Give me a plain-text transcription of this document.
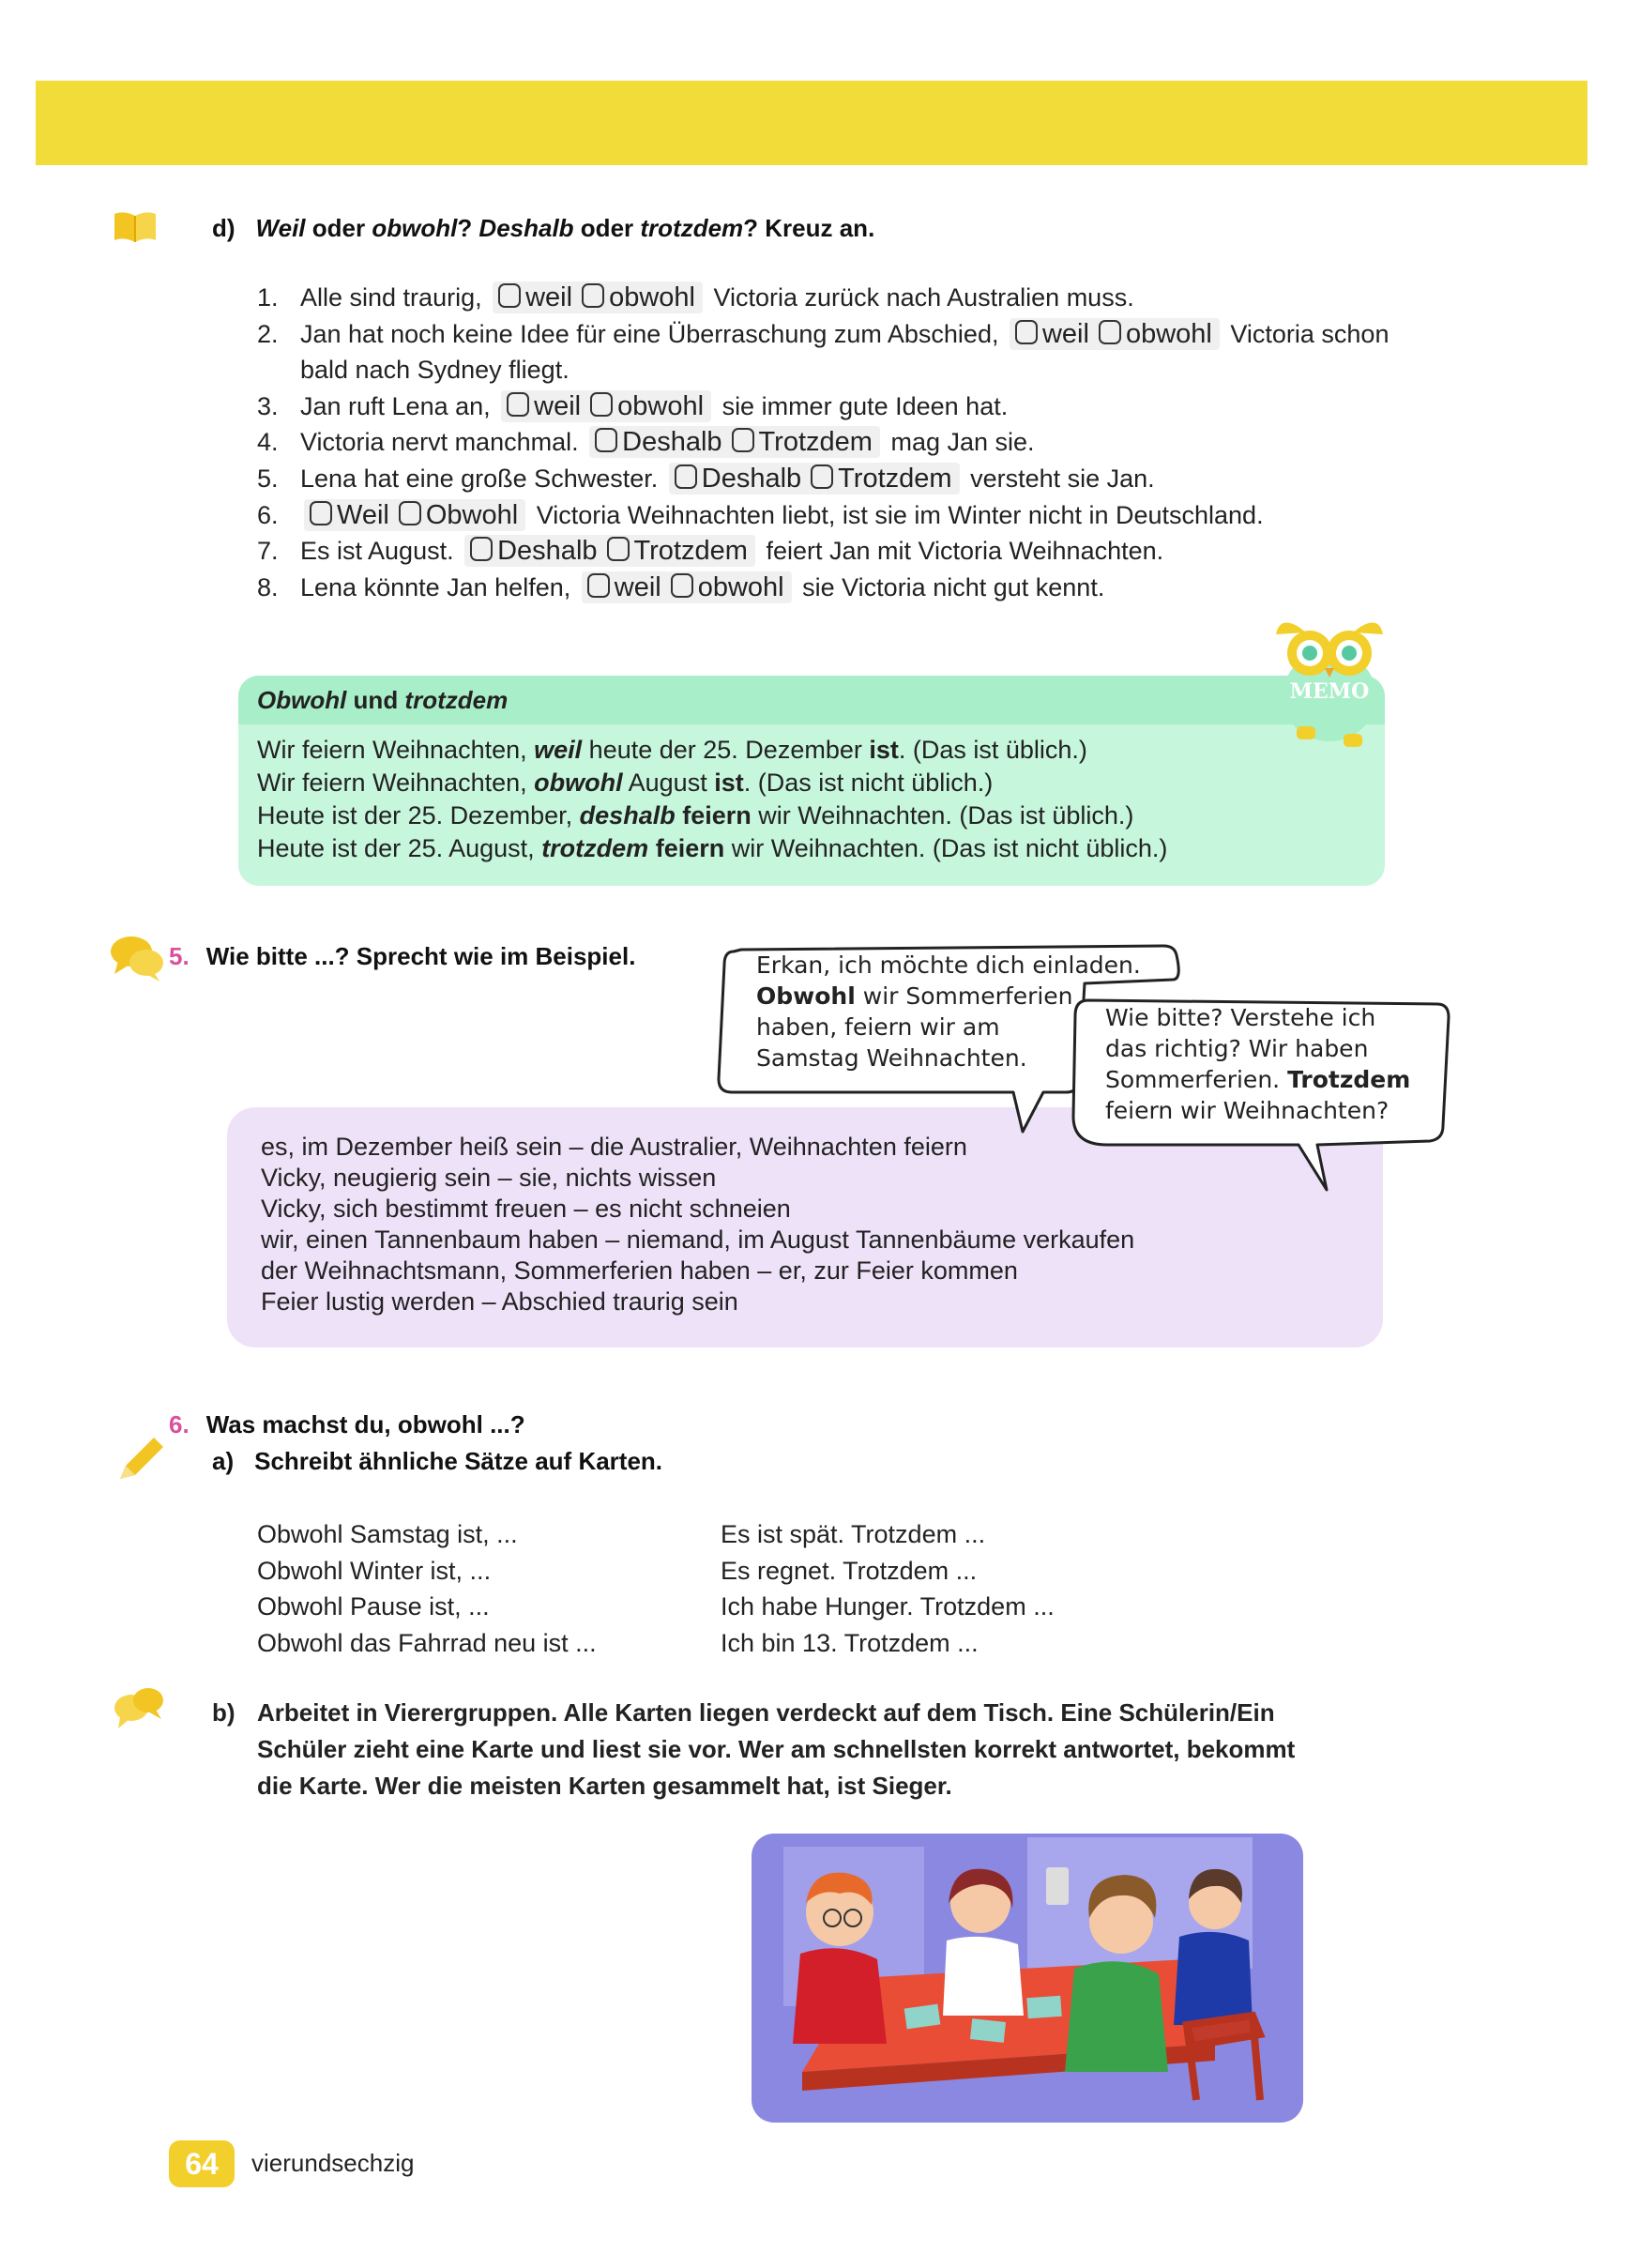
d) Weil oder obwohl? Deshalb oder trotzdem? Kreuz an.
1. Alle sind traurig, weil obwohl Victoria zurück nach Australien muss.
2. Jan hat noch keine Idee für eine Überraschung zum Abschied, weil obwohl Victoria schon bald nach Sydney fliegt.
3. Jan ruft Lena an, weil obwohl sie immer gute Ideen hat.
4. Victoria nervt manchmal. Deshalb Trotzdem mag Jan sie.
5. Lena hat eine große Schwester. Deshalb Trotzdem versteht sie Jan.
6.	Weil Obwohl Victoria Weihnachten liebt, ist sie im Winter nicht in Deutschland.
7. Es ist August. Deshalb Trotzdem feiert Jan mit Victoria Weihnachten.
8. Lena könnte Jan helfen, weil obwohl sie Victoria nicht gut kennt.
Obwohl und trotzdem
Wir feiern Weihnachten, weil heute der 25. Dezember ist. (Das ist üblich.)
Wir feiern Weihnachten, obwohl August ist. (Das ist nicht üblich.)
Heute ist der 25. Dezember, deshalb feiern wir Weihnachten. (Das ist üblich.)
Heute ist der 25. August, trotzdem feiern wir Weihnachten. (Das ist nicht üblich.)
MEMO
5. Wie bitte ...? Sprecht wie im Beispiel.
es, im Dezember heiß sein – die Australier, Weihnachten feiern
Vicky, neugierig sein – sie, nichts wissen
Vicky, sich bestimmt freuen – es nicht schneien
wir, einen Tannenbaum haben – niemand, im August Tannenbäume verkaufen
der Weihnachtsmann, Sommerferien haben – er, zur Feier kommen
Feier lustig werden – Abschied traurig sein
Erkan, ich möchte dich einladen.
Obwohl wir Sommerferien
haben, feiern wir am
Samstag Weihnachten.
Wie bitte? Verstehe ich
das richtig? Wir haben
Sommerferien. Trotzdem
feiern wir Weihnachten?
6. Was machst du, obwohl ...?
a) Schreibt ähnliche Sätze auf Karten.
Obwohl Samstag ist, ...
Obwohl Winter ist, ...
Obwohl Pause ist, ...
Obwohl das Fahrrad neu ist ...
Es ist spät. Trotzdem ...
Es regnet. Trotzdem ...
Ich habe Hunger. Trotzdem ...
Ich bin 13. Trotzdem ...
b) Arbeitet in Vierergruppen. Alle Karten liegen verdeckt auf dem Tisch. Eine Schülerin/Ein
Schüler zieht eine Karte und liest sie vor. Wer am schnellsten korrekt antwortet, bekommt
die Karte. Wer die meisten Karten gesammelt hat, ist Sieger.
64	vierundsechzig
